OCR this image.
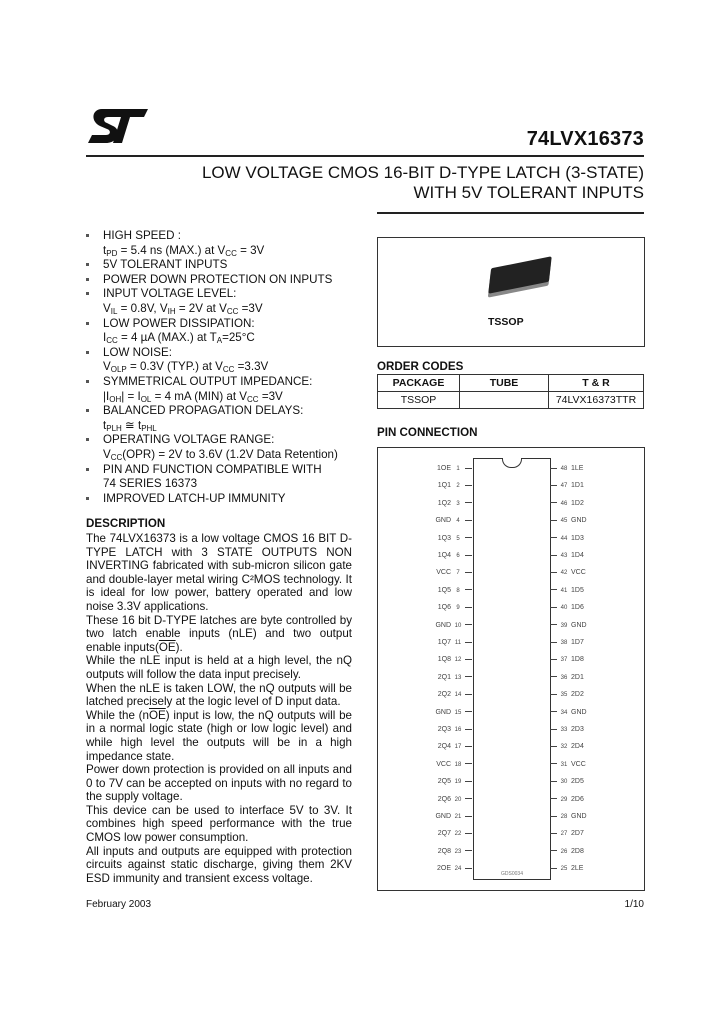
74LVX16373
LOW VOLTAGE CMOS 16-BIT D-TYPE LATCH (3-STATE)
WITH 5V TOLERANT INPUTS
HIGH SPEED :
$t_{PD} = 5.4$ ns (MAX.) at $V_{CC} = 3V$
5V TOLERANT INPUTS
POWER DOWN PROTECTION ON INPUTS
INPUT VOLTAGE LEVEL:
$V_{IL} = 0.8V$, $V_{IH} = 2V$ at $V_{CC} =3V$
LOW POWER DISSIPATION:
$I_{CC} = 4$ µA (MAX.) at $T_A=25^\circ C$
LOW NOISE:
$V_{OLP} = 0.3V$ (TYP.) at $V_{CC} =3.3V$
SYMMETRICAL OUTPUT IMPEDANCE:
$|I_{OH}| = I_{OL} = 4$ mA (MIN) at $V_{CC} =3V$
BALANCED PROPAGATION DELAYS:
$t_{PLH}$ ≅ $t_{PHL}$
OPERATING VOLTAGE RANGE:
$V_{CC}(OPR) = 2V$ to 3.6V (1.2V Data Retention)
PIN AND FUNCTION COMPATIBLE WITH
74 SERIES 16373
IMPROVED LATCH-UP IMMUNITY
DESCRIPTION

The 74LVX16373 is a low voltage CMOS 16 BIT D-TYPE LATCH with 3 STATE OUTPUTS NON INVERTING fabricated with sub-micron silicon gate and double-layer metal wiring C²MOS technology. It is ideal for low power, battery operated and low noise 3.3V applications.

These 16 bit D-TYPE latches are byte controlled by two latch enable inputs (nLE) and two output enable $inputs(\overline{OE})$.

While the nLE input is held at a high level, the nQ outputs will follow the data input precisely.

When the nLE is taken LOW, the nQ outputs will be latched precisely at the logic level of D input data.

While the $(n\overline{OE})$ input is low, the nQ outputs will be in a normal logic state (high or low logic level) and while high level the outputs will be in a high impedance state.

Power down protection is provided on all inputs and 0 to 7V can be accepted on inputs with no regard to the supply voltage.

This device can be used to interface 5V to 3V. It combines high speed performance with the true CMOS low power consumption.

All inputs and outputs are equipped with protection circuits against static discharge, giving them 2KV ESD immunity and transient excess voltage.

TSSOP
ORDER CODES
PACKAGE	TUBE	T & R
TSSOP		74LVX16373TTR
PIN CONNECTION
GDS0034
1OE 1
1Q1 2
1Q2 3
GND 4
1Q3 5
1Q4 6
VCC 7
1Q5 8
1Q6 9
GND 10
1Q7 11
1Q8 12
2Q1 13
2Q2 14
GND 15
2Q3 16
2Q4 17
VCC 18
2Q5 19
2Q6 20
GND 21
2Q7 22
2Q8 23
2OE 24
48 1LE
47 1D1
46 1D2
45 GND
44 1D3
43 1D4
42 VCC
41 1D5
40 1D6
39 GND
38 1D7
37 1D8
36 2D1
35 2D2
34 GND
33 2D3
32 2D4
31 VCC
30 2D5
29 2D6
28 GND
27 2D7
26 2D8
25 2LE
February 2003	1/10
